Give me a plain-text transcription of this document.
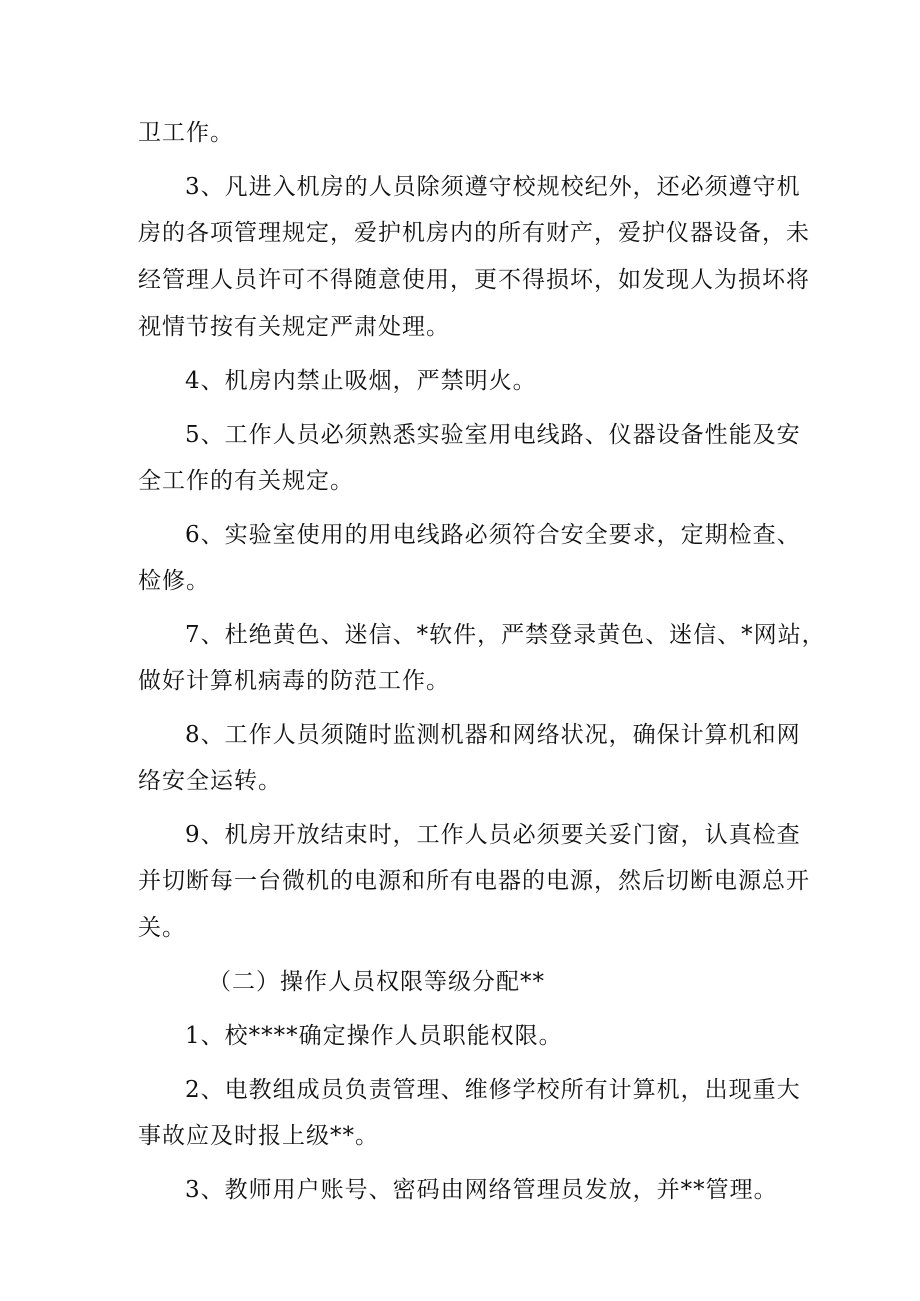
卫工作。
3、凡进入机房的人员除须遵守校规校纪外，还必须遵守机
房的各项管理规定，爱护机房内的所有财产，爱护仪器设备，未
经管理人员许可不得随意使用，更不得损坏，如发现人为损坏将
视情节按有关规定严肃处理。
4、机房内禁止吸烟，严禁明火。
5、工作人员必须熟悉实验室用电线路、仪器设备性能及安
全工作的有关规定。
6、实验室使用的用电线路必须符合安全要求，定期检查、
检修。
7、杜绝黄色、迷信、*软件，严禁登录黄色、迷信、*网站，
做好计算机病毒的防范工作。
8、工作人员须随时监测机器和网络状况，确保计算机和网
络安全运转。
9、机房开放结束时，工作人员必须要关妥门窗，认真检查
并切断每一台微机的电源和所有电器的电源，然后切断电源总开
关。
（二）操作人员权限等级分配**
1、校****确定操作人员职能权限。
2、电教组成员负责管理、维修学校所有计算机，出现重大
事故应及时报上级**。
3、教师用户账号、密码由网络管理员发放，并**管理。
